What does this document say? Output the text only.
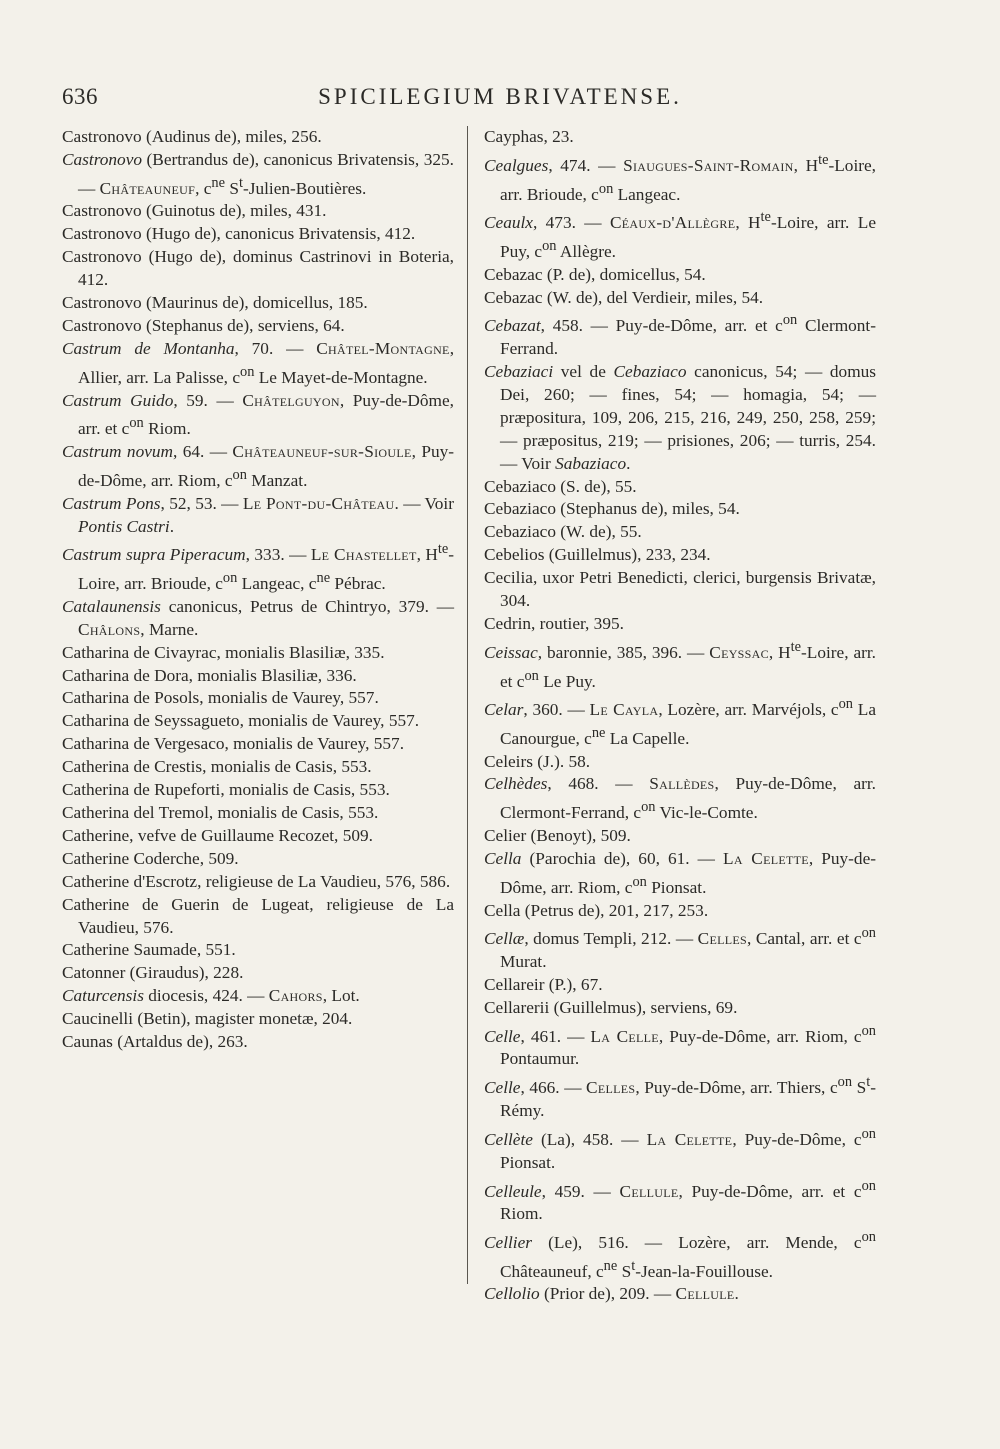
636	SPICILEGIUM BRIVATENSE.

Castronovo (Audinus de), miles, 256.

Castronovo (Bertrandus de), canonicus Brivatensis, 325. — Châteauneuf, $c^{ne}$ $S^t-Julien$-Boutières.

Castronovo (Guinotus de), miles, 431.

Castronovo (Hugo de), canonicus Brivatensis, 412.

Castronovo (Hugo de), dominus Castrinovi in Boteria, 412.

Castronovo (Maurinus de), domicellus, 185.

Castronovo (Stephanus de), serviens, 64.

Castrum de Montanha, 70. — Châtel-Montagne, Allier, arr. La Palisse, $c^{on}$ Le Mayet-de-Montagne.

Castrum Guido, 59. — Châtelguyon, Puy-de-Dôme, arr. et $c^{on}$ Riom.

Castrum novum, 64. — Châteauneuf-sur-Sioule, Puy-de-Dôme, arr. Riom, $c^{on}$ Manzat.

Castrum Pons, 52, 53. — Le Pont-du-Château. — Voir Pontis Castri.

Castrum supra Piperacum, 333. — Le Chastellet, $H^{te}$-Loire, arr. Brioude, $c^{on}$ Langeac, $c^{ne}$ Pébrac.

Catalaunensis canonicus, Petrus de Chintryo, 379. — Châlons, Marne.

Catharina de Civayrac, monialis Blasiliæ, 335.

Catharina de Dora, monialis Blasiliæ, 336.

Catharina de Posols, monialis de Vaurey, 557.

Catharina de Seyssagueto, monialis de Vaurey, 557.

Catharina de Vergesaco, monialis de Vaurey, 557.

Catherina de Crestis, monialis de Casis, 553.

Catherina de Rupeforti, monialis de Casis, 553.

Catherina del Tremol, monialis de Casis, 553.

Catherine, vefve de Guillaume Recozet, 509.

Catherine Coderche, 509.

Catherine d'Escrotz, religieuse de La Vaudieu, 576, 586.

Catherine de Guerin de Lugeat, religieuse de La Vaudieu, 576.

Catherine Saumade, 551.

Catonner (Giraudus), 228.

Caturcensis diocesis, 424. — Cahors, Lot.

Caucinelli (Betin), magister monetæ, 204.

Caunas (Artaldus de), 263.

Cayphas, 23.

Cealgues, 474. — Siaugues-Saint-Romain, $H^{te}$-Loire, arr. Brioude, $c^{on}$ Langeac.

Ceaulx, 473. — Céaux-d'Allègre, $H^{te}$-Loire, arr. Le Puy, $c^{on}$ Allègre.

Cebazac (P. de), domicellus, 54.

Cebazac (W. de), del Verdieir, miles, 54.

Cebazat, 458. — Puy-de-Dôme, arr. et $c^{on}$ Clermont-Ferrand.

Cebaziaci vel de Cebaziaco canonicus, 54; — domus Dei, 260; — fines, 54; — homagia, 54; — præpositura, 109, 206, 215, 216, 249, 250, 258, 259; — præpositus, 219; — prisiones, 206; — turris, 254. — Voir Sabaziaco.

Cebaziaco (S. de), 55.

Cebaziaco (Stephanus de), miles, 54.

Cebaziaco (W. de), 55.

Cebelios (Guillelmus), 233, 234.

Cecilia, uxor Petri Benedicti, clerici, burgensis Brivatæ, 304.

Cedrin, routier, 395.

Ceissac, baronnie, 385, 396. — Ceyssac, $H^{te}$-Loire, arr. et $c^{on}$ Le Puy.

Celar, 360. — Le Cayla, Lozère, arr. Marvéjols, $c^{on}$ La Canourgue, $c^{ne}$ La Capelle.

Celeirs (J.). 58.

Celhèdes, 468. — Sallèdes, Puy-de-Dôme, arr. Clermont-Ferrand, $c^{on}$ Vic-le-Comte.

Celier (Benoyt), 509.

Cella (Parochia de), 60, 61. — La Celette, Puy-de-Dôme, arr. Riom, $c^{on}$ Pionsat.

Cella (Petrus de), 201, 217, 253.

Cellæ, domus Templi, 212. — Celles, Cantal, arr. et $c^{on}$ Murat.

Cellareir (P.), 67.

Cellarerii (Guillelmus), serviens, 69.

Celle, 461. — La Celle, Puy-de-Dôme, arr. Riom, $c^{on}$ Pontaumur.

Celle, 466. — Celles, Puy-de-Dôme, arr. Thiers, $c^{on}$ $S^t$-Rémy.

Cellète (La), 458. — La Celette, Puy-de-Dôme, $c^{on}$ Pionsat.

Celleule, 459. — Cellule, Puy-de-Dôme, arr. et $c^{on}$ Riom.

Cellier (Le), 516. — Lozère, arr. Mende, $c^{on}$ Châteauneuf, $c^{ne}$ $S^t-Jean-la$-Fouillouse.

Cellolio (Prior de), 209. — Cellule.
